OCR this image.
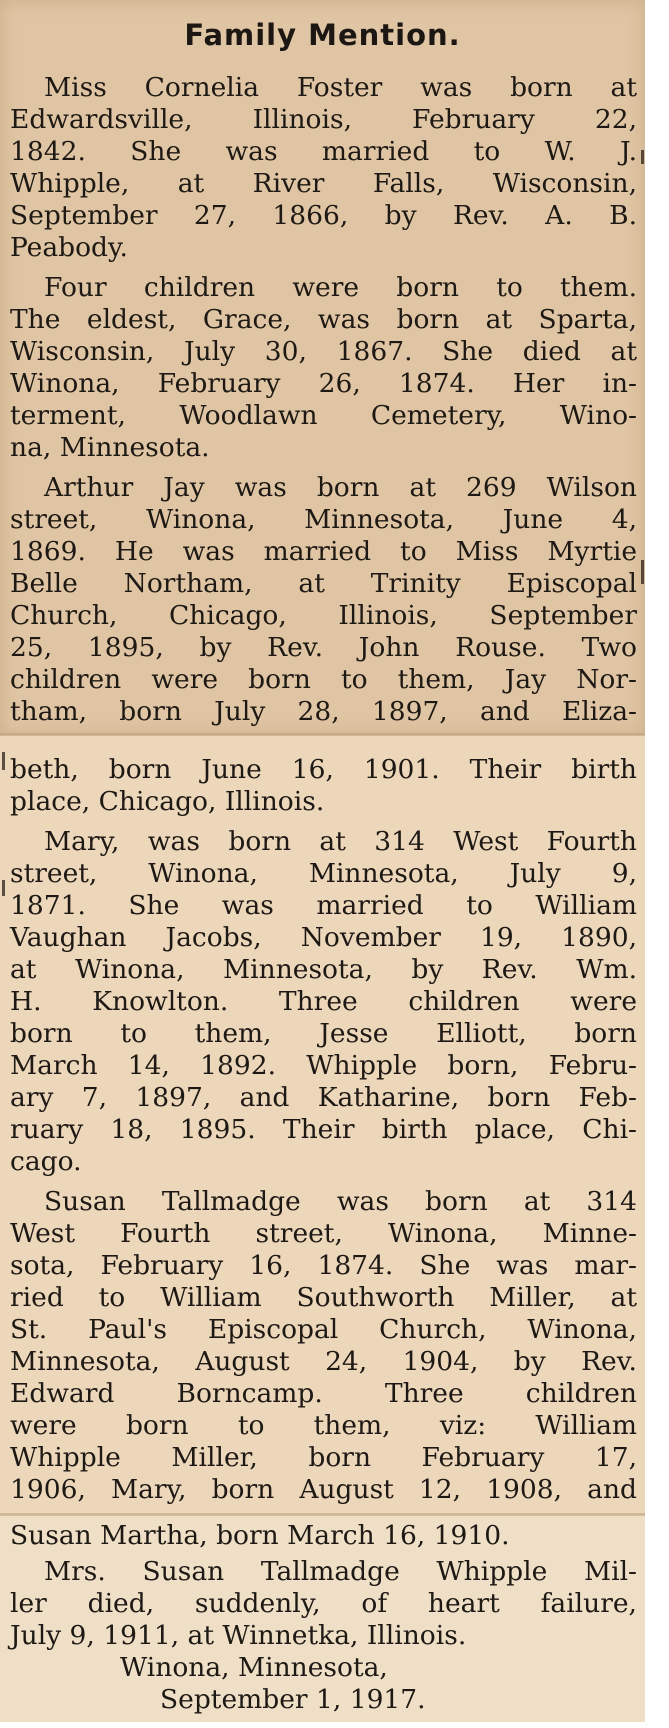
Family Mention.
Miss Cornelia Foster was born at
Edwardsville, Illinois, February 22,
1842. She was married to W. J.
Whipple, at River Falls, Wisconsin,
September 27, 1866, by Rev. A. B.
Peabody.
Four children were born to them.
The eldest, Grace, was born at Sparta,
Wisconsin, July 30, 1867. She died at
Winona, February 26, 1874. Her in-
terment, Woodlawn Cemetery, Wino-
na, Minnesota.
Arthur Jay was born at 269 Wilson
street, Winona, Minnesota, June 4,
1869. He was married to Miss Myrtie
Belle Northam, at Trinity Episcopal
Church, Chicago, Illinois, September
25, 1895, by Rev. John Rouse. Two
children were born to them, Jay Nor-
tham, born July 28, 1897, and Eliza-
beth, born June 16, 1901. Their birth
place, Chicago, Illinois.
Mary, was born at 314 West Fourth
street, Winona, Minnesota, July 9,
1871. She was married to William
Vaughan Jacobs, November 19, 1890,
at Winona, Minnesota, by Rev. Wm.
H. Knowlton. Three children were
born to them, Jesse Elliott, born
March 14, 1892. Whipple born, Febru-
ary 7, 1897, and Katharine, born Feb-
ruary 18, 1895. Their birth place, Chi-
cago.
Susan Tallmadge was born at 314
West Fourth street, Winona, Minne-
sota, February 16, 1874. She was mar-
ried to William Southworth Miller, at
St. Paul's Episcopal Church, Winona,
Minnesota, August 24, 1904, by Rev.
Edward Borncamp. Three children
were born to them, viz: William
Whipple Miller, born February 17,
1906, Mary, born August 12, 1908, and
Susan Martha, born March 16, 1910.
Mrs. Susan Tallmadge Whipple Mil-
ler died, suddenly, of heart failure,
July 9, 1911, at Winnetka, Illinois.
Winona, Minnesota,
September 1, 1917.
